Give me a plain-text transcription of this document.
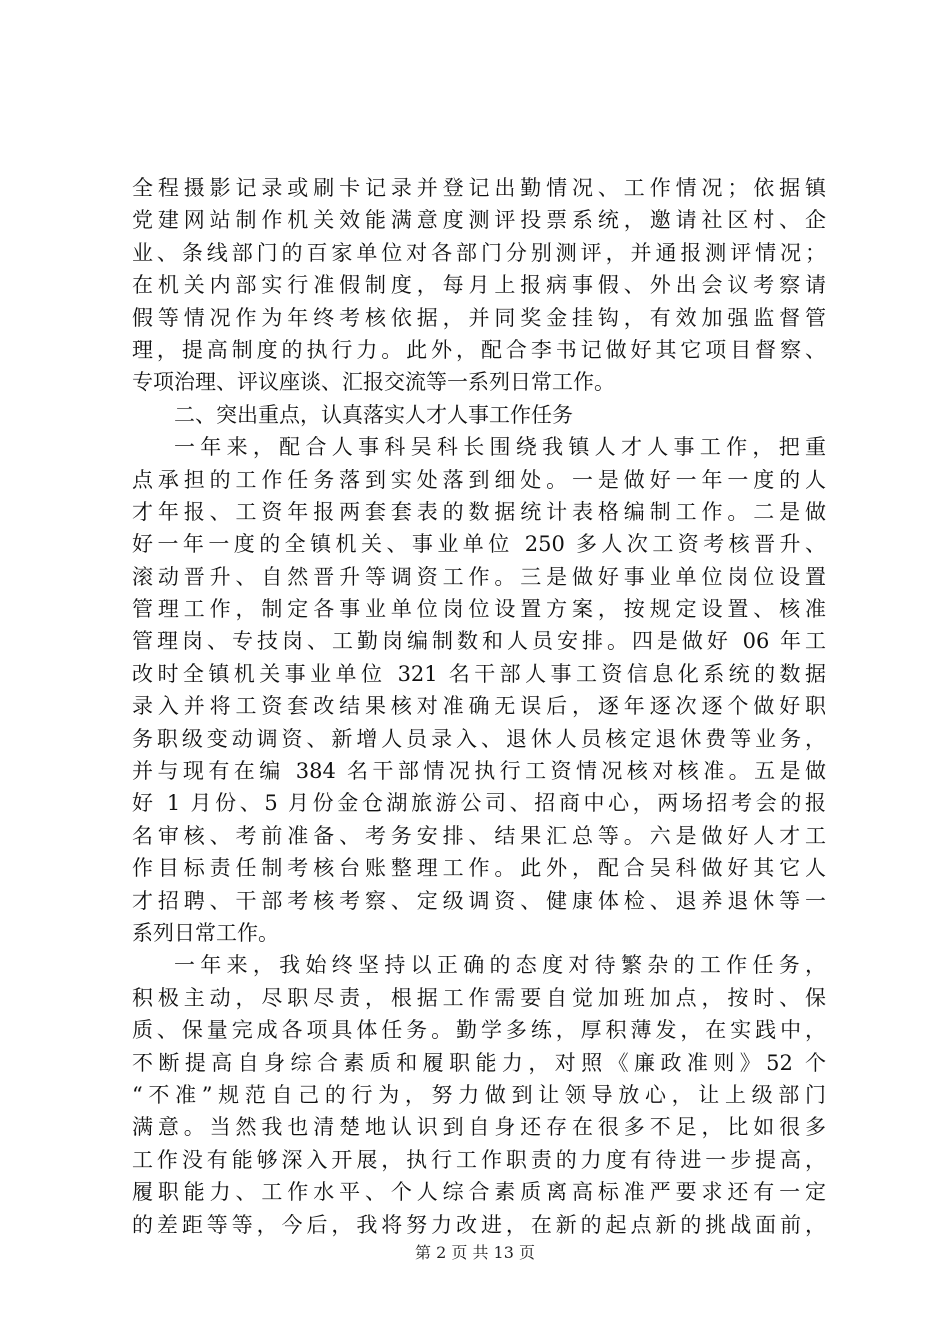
全程摄影记录或刷卡记录并登记出勤情况、工作情况；依据镇
党建网站制作机关效能满意度测评投票系统，邀请社区村、企
业、条线部门的百家单位对各部门分别测评，并通报测评情况；
在机关内部实行准假制度，每月上报病事假、外出会议考察请
假等情况作为年终考核依据，并同奖金挂钩，有效加强监督管
理，提高制度的执行力。此外，配合李书记做好其它项目督察、
专项治理、评议座谈、汇报交流等一系列日常工作。
二、突出重点，认真落实人才人事工作任务
一年来，配合人事科吴科长围绕我镇人才人事工作，把重
点承担的工作任务落到实处落到细处。一是做好一年一度的人
才年报、工资年报两套套表的数据统计表格编制工作。二是做
好一年一度的全镇机关、事业单位 250 多人次工资考核晋升、
滚动晋升、自然晋升等调资工作。三是做好事业单位岗位设置
管理工作，制定各事业单位岗位设置方案，按规定设置、核准
管理岗、专技岗、工勤岗编制数和人员安排。四是做好 06 年工
改时全镇机关事业单位 321 名干部人事工资信息化系统的数据
录入并将工资套改结果核对准确无误后，逐年逐次逐个做好职
务职级变动调资、新增人员录入、退休人员核定退休费等业务，
并与现有在编 384 名干部情况执行工资情况核对核准。五是做
好 1 月份、5 月份金仓湖旅游公司、招商中心，两场招考会的报
名审核、考前准备、考务安排、结果汇总等。六是做好人才工
作目标责任制考核台账整理工作。此外，配合吴科做好其它人
才招聘、干部考核考察、定级调资、健康体检、退养退休等一
系列日常工作。
一年来，我始终坚持以正确的态度对待繁杂的工作任务，
积极主动，尽职尽责，根据工作需要自觉加班加点，按时、保
质、保量完成各项具体任务。勤学多练，厚积薄发，在实践中，
不断提高自身综合素质和履职能力，对照《廉政准则》52 个
“不准”规范自己的行为，努力做到让领导放心，让上级部门
满意。当然我也清楚地认识到自身还存在很多不足，比如很多
工作没有能够深入开展，执行工作职责的力度有待进一步提高，
履职能力、工作水平、个人综合素质离高标准严要求还有一定
的差距等等，今后，我将努力改进，在新的起点新的挑战面前，
第 2 页 共 13 页
